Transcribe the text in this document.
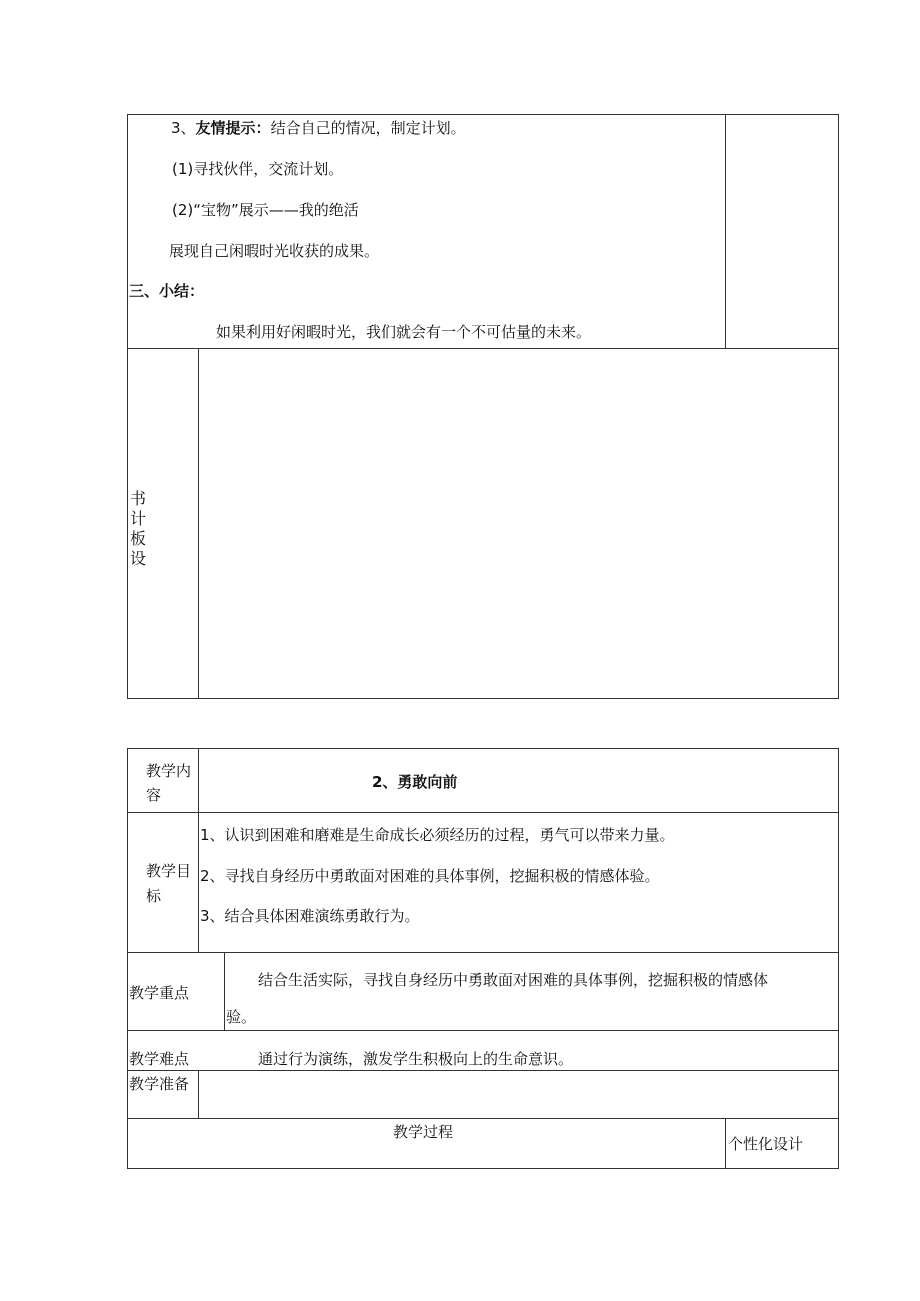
3、友情提示：结合自己的情况，制定计划。
(1)寻找伙伴，交流计划。
(2)“宝物”展示——我的绝活
展现自己闲暇时光收获的成果。
三、小结：
如果利用好闲暇时光，我们就会有一个不可估量的未来。
书
计
板
设
教学内
容
2、勇敢向前
教学目
标
1、认识到困难和磨难是生命成长必须经历的过程，勇气可以带来力量。
2、寻找自身经历中勇敢面对困难的具体事例，挖掘积极的情感体验。
3、结合具体困难演练勇敢行为。
教学重点
结合生活实际，寻找自身经历中勇敢面对困难的具体事例，挖掘积极的情感体
验。
教学难点	通过行为演练，激发学生积极向上的生命意识。
教学准备
教学过程
个性化设计
